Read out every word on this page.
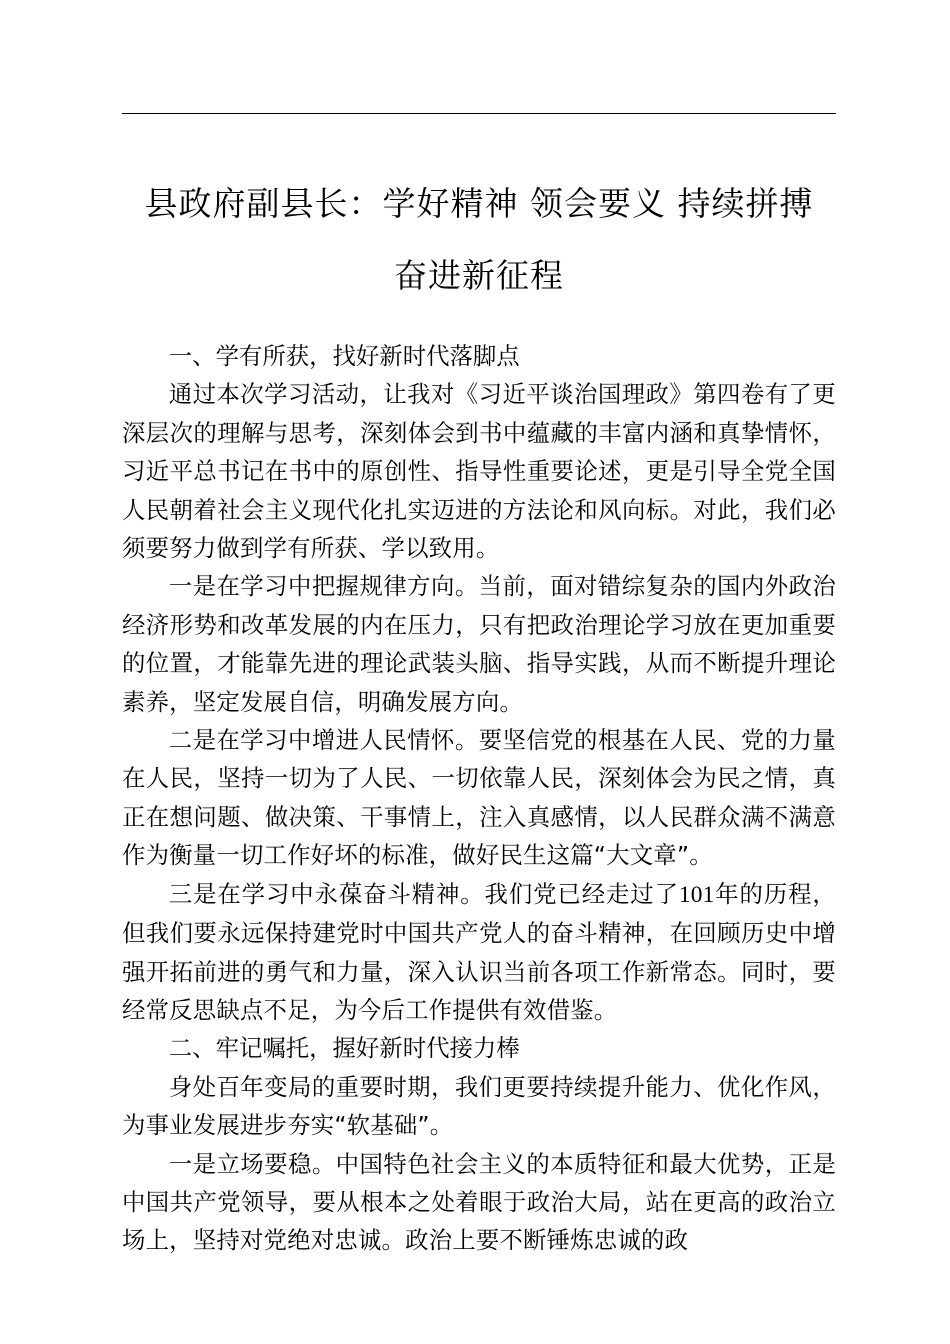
县政府副县长：学好精神 领会要义 持续拼搏
奋进新征程

一、学有所获，找好新时代落脚点

通过本次学习活动，让我对《习近平谈治国理政》第四卷有了更深层次的理解与思考，深刻体会到书中蕴藏的丰富内涵和真挚情怀，习近平总书记在书中的原创性、指导性重要论述，更是引导全党全国人民朝着社会主义现代化扎实迈进的方法论和风向标。对此，我们必须要努力做到学有所获、学以致用。

一是在学习中把握规律方向。当前，面对错综复杂的国内外政治经济形势和改革发展的内在压力，只有把政治理论学习放在更加重要的位置，才能靠先进的理论武装头脑、指导实践，从而不断提升理论素养，坚定发展自信，明确发展方向。

二是在学习中增进人民情怀。要坚信党的根基在人民、党的力量在人民，坚持一切为了人民、一切依靠人民，深刻体会为民之情，真正在想问题、做决策、干事情上，注入真感情，以人民群众满不满意作为衡量一切工作好坏的标准，做好民生这篇“大文章”。

三是在学习中永葆奋斗精神。我们党已经走过了101年的历程，但我们要永远保持建党时中国共产党人的奋斗精神，在回顾历史中增强开拓前进的勇气和力量，深入认识当前各项工作新常态。同时，要经常反思缺点不足，为今后工作提供有效借鉴。

二、牢记嘱托，握好新时代接力棒

身处百年变局的重要时期，我们更要持续提升能力、优化作风，为事业发展进步夯实“软基础”。

一是立场要稳。中国特色社会主义的本质特征和最大优势，正是中国共产党领导，要从根本之处着眼于政治大局，站在更高的政治立场上，坚持对党绝对忠诚。政治上要不断锤炼忠诚的政
